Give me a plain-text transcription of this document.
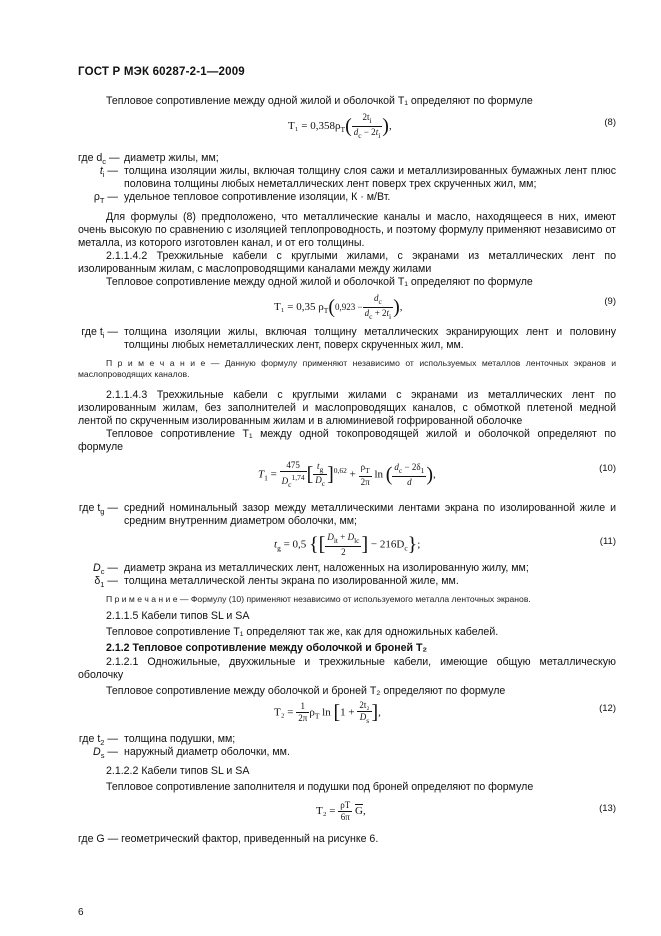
ГОСТ Р МЭК 60287-2-1—2009

Тепловое сопротивление между одной жилой и оболочкой T₁ определяют по формуле

$T_1 = 0,358\rho_T( \frac{2t_i}{d_c - 2t_i}$ ),	(8)
где $d_c$ — диаметр жилы, мм;
$t_i$ — толщина изоляции жилы, включая толщину слоя сажи и металлизированных бумажных лент плюс половина толщины любых неметаллических лент поверх трех скрученных жил, мм;
$\rho_T$ — удельное тепловое сопротивление изоляции, К · м/Вт.

Для формулы (8) предположено, что металлические каналы и масло, находящееся в них, имеют очень высокую по сравнению с изоляцией теплопроводность, и поэтому формулу применяют независимо от металла, из которого изготовлен канал, и от его толщины.

2.1.1.4.2 Трехжильные кабели с круглыми жилами, с экранами из металлических лент по изолированным жилам, с маслопроводящими каналами между жилами

Тепловое сопротивление между одной жилой и оболочкой T₁ определяют по формуле

T₁ = 0,35 $\rho_T(0,923 - \frac{d_c}{d_c + 2t_i}$ ),	(9)
где $t_i$ — толщина изоляции жилы, включая толщину металлических экранирующих лент и половину толщины любых неметаллических лент, поверх скрученных жил, мм.

П р и м е ч а н и е — Данную формулу применяют независимо от используемых металлов ленточных экранов и маслопроводящих каналов.

2.1.1.4.3 Трехжильные кабели с круглыми жилами с экранами из металлических лент по изолированным жилам, без заполнителей и маслопроводящих каналов, с обмоткой плетеной медной лентой по скрученным изолированным жилам и в алюминиевой гофрированной оболочке

Тепловое сопротивление T₁ между одной токопроводящей жилой и оболочкой определяют по формуле

$T_1 = \frac{475}{D_c^{1,74}}$ [ $\frac{t_g}{D_c} ]^{0,62} + \frac{\rho_T}{2\pi}$ ln ( $\frac{d_c - 2\delta_1}{d}$ ),	(10)
где $t_g$ — средний номинальный зазор между металлическими лентами экрана по изолированной жиле и средним внутренним диаметром оболочки, мм;
$t_g = 0,5$ {[ $\frac{D_{it} + D_{lc}}{2}$ ] − $216D_c$};	(11)
$D_c$ — диаметр экрана из металлических лент, наложенных на изолированную жилу, мм;
$\delta_1$ — толщина металлической ленты экрана по изолированной жиле, мм.

П р и м е ч а н и е — Формулу (10) применяют независимо от используемого металла ленточных экранов.

2.1.1.5 Кабели типов SL и SA

Тепловое сопротивление T₁ определяют так же, как для одножильных кабелей.

2.1.2 Тепловое сопротивление между оболочкой и броней T₂

2.1.2.1 Одножильные, двухжильные и трехжильные кабели, имеющие общую металлическую оболочку

Тепловое сопротивление между оболочкой и броней T₂ определяют по формуле

$T_2 = \frac{1}{2\pi} \rho_T$ $\ln [1 + \frac{\text{2t₂}}{D_s}$ ],	(12)
где $t_2$ — толщина подушки, мм;
$D_s$ — наружный диаметр оболочки, мм.

2.1.2.2 Кабели типов SL и SA

Тепловое сопротивление заполнителя и подушки под броней определяют по формуле

$T_2 = \frac{\rho T}{6\pi} \overline{G}$,	(13)
где G — геометрический фактор, приведенный на рисунке 6.
6
